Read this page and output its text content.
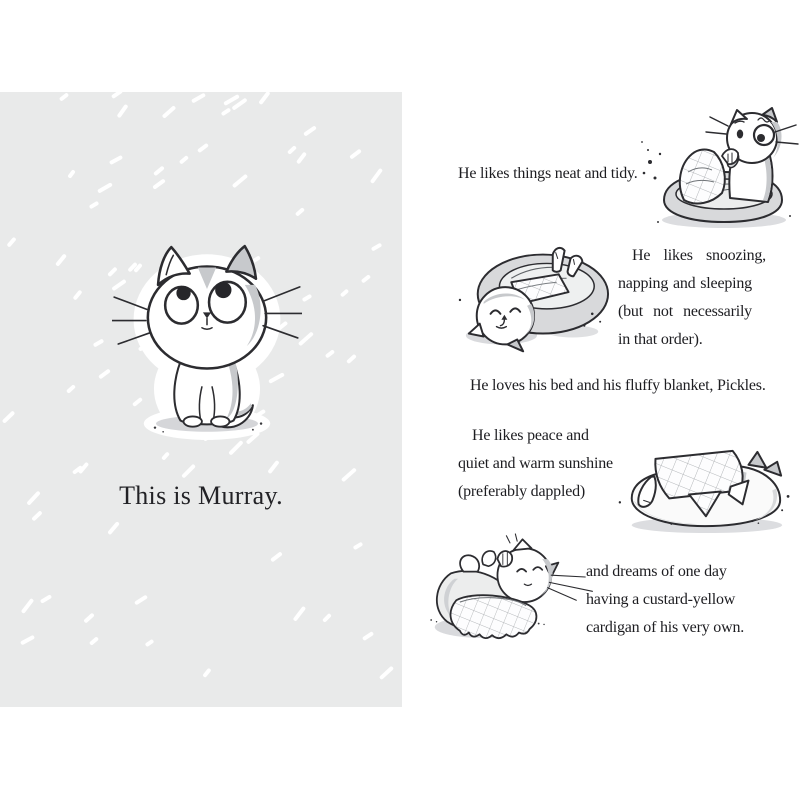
This is Murray.
He likes things neat and tidy.
He likes snoozing,
napping and sleeping
(but not necessarily
in that order).
He loves his bed and his fluffy blanket, Pickles.
He likes peace and
quiet and warm sunshine
(preferably dappled)
and dreams of one day
having a custard-yellow
cardigan of his very own.
